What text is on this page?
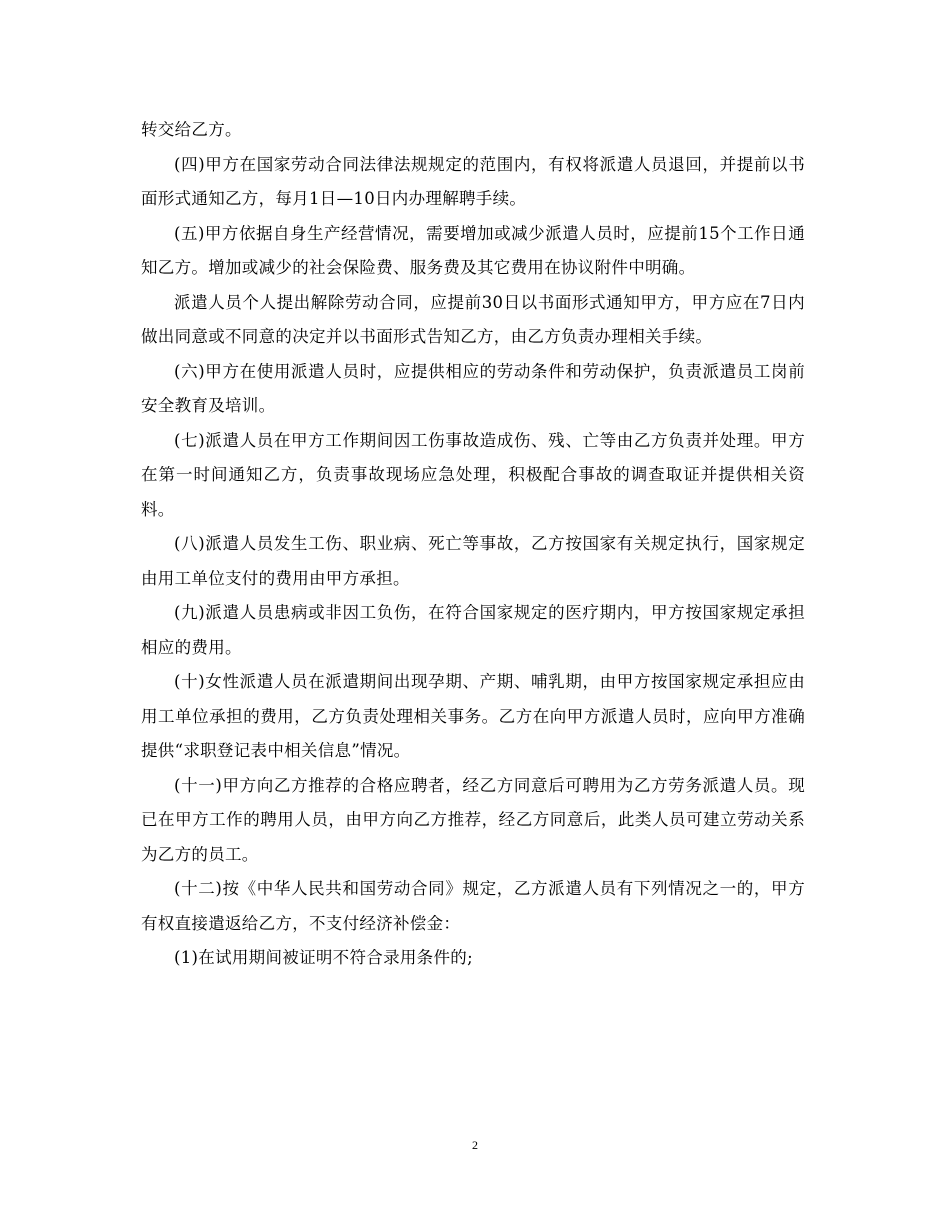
转交给乙方。

(四)甲方在国家劳动合同法律法规规定的范围内，有权将派遣人员退回，并提前以书面形式通知乙方，每月1日—10日内办理解聘手续。

(五)甲方依据自身生产经营情况，需要增加或减少派遣人员时，应提前15个工作日通知乙方。增加或减少的社会保险费、服务费及其它费用在协议附件中明确。

派遣人员个人提出解除劳动合同，应提前30日以书面形式通知甲方，甲方应在7日内做出同意或不同意的决定并以书面形式告知乙方，由乙方负责办理相关手续。

(六)甲方在使用派遣人员时，应提供相应的劳动条件和劳动保护，负责派遣员工岗前安全教育及培训。

(七)派遣人员在甲方工作期间因工伤事故造成伤、残、亡等由乙方负责并处理。甲方在第一时间通知乙方，负责事故现场应急处理，积极配合事故的调查取证并提供相关资料。

(八)派遣人员发生工伤、职业病、死亡等事故，乙方按国家有关规定执行，国家规定由用工单位支付的费用由甲方承担。

(九)派遣人员患病或非因工负伤，在符合国家规定的医疗期内，甲方按国家规定承担相应的费用。

(十)女性派遣人员在派遣期间出现孕期、产期、哺乳期，由甲方按国家规定承担应由用工单位承担的费用，乙方负责处理相关事务。乙方在向甲方派遣人员时，应向甲方准确提供“求职登记表中相关信息”情况。

(十一)甲方向乙方推荐的合格应聘者，经乙方同意后可聘用为乙方劳务派遣人员。现已在甲方工作的聘用人员，由甲方向乙方推荐，经乙方同意后，此类人员可建立劳动关系为乙方的员工。

(十二)按《中华人民共和国劳动合同》规定，乙方派遣人员有下列情况之一的，甲方有权直接遣返给乙方，不支付经济补偿金：

(1)在试用期间被证明不符合录用条件的;

2
